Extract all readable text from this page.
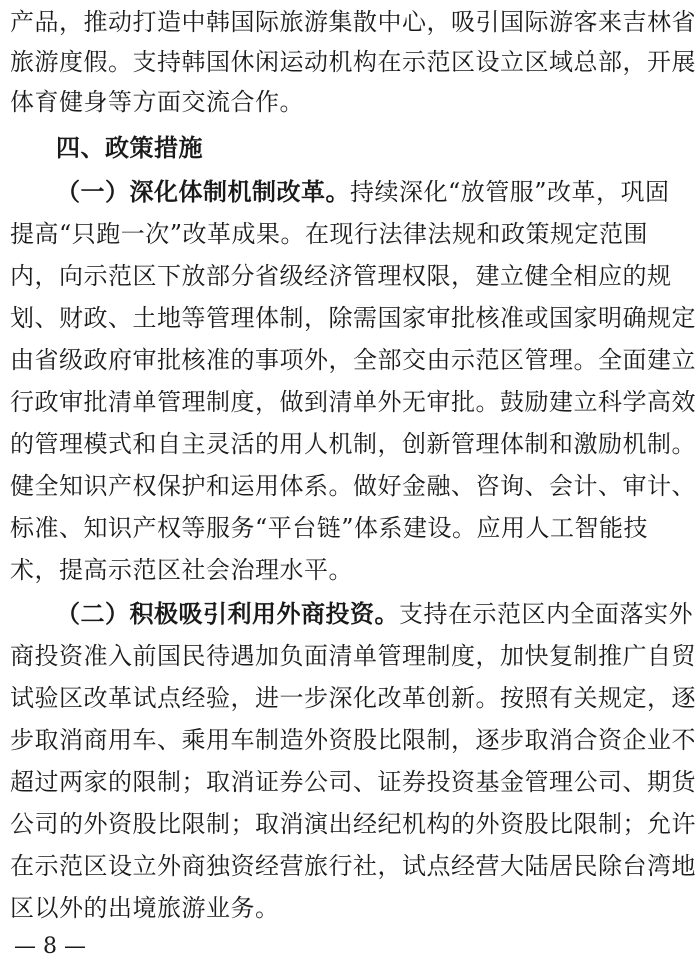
产品，推动打造中韩国际旅游集散中心，吸引国际游客来吉林省
旅游度假。支持韩国休闲运动机构在示范区设立区域总部，开展
体育健身等方面交流合作。
四、政策措施
（一）深化体制机制改革。持续深化“放管服”改革，巩固
提高“只跑一次”改革成果。在现行法律法规和政策规定范围
内，向示范区下放部分省级经济管理权限，建立健全相应的规
划、财政、土地等管理体制，除需国家审批核准或国家明确规定
由省级政府审批核准的事项外，全部交由示范区管理。全面建立
行政审批清单管理制度，做到清单外无审批。鼓励建立科学高效
的管理模式和自主灵活的用人机制，创新管理体制和激励机制。
健全知识产权保护和运用体系。做好金融、咨询、会计、审计、
标准、知识产权等服务“平台链”体系建设。应用人工智能技
术，提高示范区社会治理水平。
（二）积极吸引利用外商投资。支持在示范区内全面落实外
商投资准入前国民待遇加负面清单管理制度，加快复制推广自贸
试验区改革试点经验，进一步深化改革创新。按照有关规定，逐
步取消商用车、乘用车制造外资股比限制，逐步取消合资企业不
超过两家的限制；取消证券公司、证券投资基金管理公司、期货
公司的外资股比限制；取消演出经纪机构的外资股比限制；允许
在示范区设立外商独资经营旅行社，试点经营大陆居民除台湾地
区以外的出境旅游业务。
— 8 —
